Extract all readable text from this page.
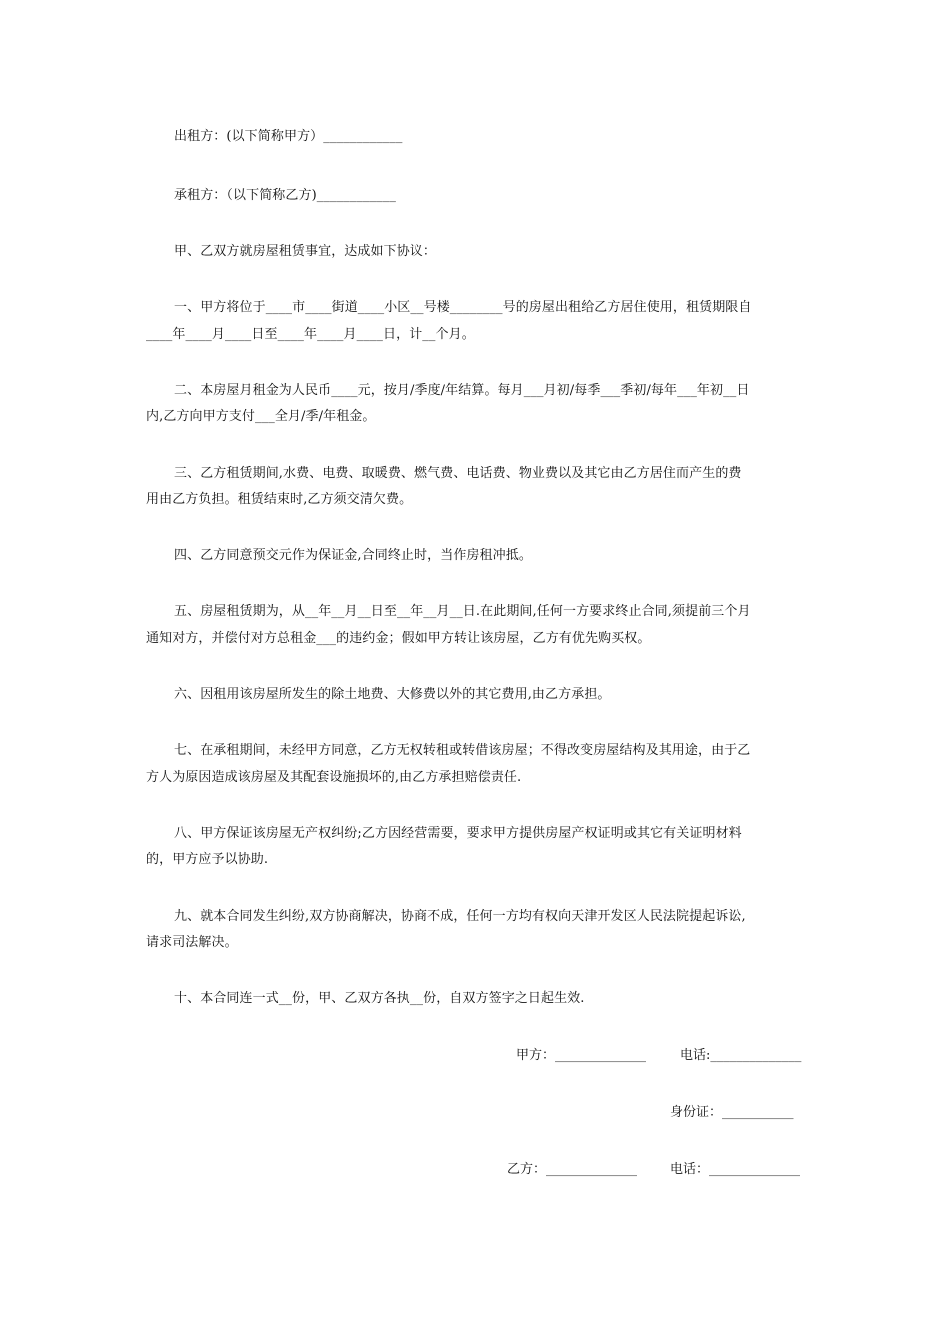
出租方：(以下简称甲方）____________
承租方：（以下简称乙方)____________
甲、乙双方就房屋租赁事宜，达成如下协议：
一、甲方将位于____市____街道____小区__号楼________号的房屋出租给乙方居住使用，租赁期限自
____年____月____日至____年____月____日，计__个月。
二、本房屋月租金为人民币____元，按月/季度/年结算。每月___月初/每季___季初/每年___年初__日
内,乙方向甲方支付___全月/季/年租金。
三、乙方租赁期间,水费、电费、取暖费、燃气费、电话费、物业费以及其它由乙方居住而产生的费
用由乙方负担。租赁结束时,乙方须交清欠费。
四、乙方同意预交元作为保证金,合同终止时，当作房租冲抵。
五、房屋租赁期为，从__年__月__日至__年__月__日.在此期间,任何一方要求终止合同,须提前三个月
通知对方，并偿付对方总租金___的违约金；假如甲方转让该房屋，乙方有优先购买权。
六、因租用该房屋所发生的除土地费、大修费以外的其它费用,由乙方承担。
七、在承租期间，未经甲方同意，乙方无权转租或转借该房屋；不得改变房屋结构及其用途，由于乙
方人为原因造成该房屋及其配套设施损坏的,由乙方承担赔偿责任.
八、甲方保证该房屋无产权纠纷;乙方因经营需要，要求甲方提供房屋产权证明或其它有关证明材料
的，甲方应予以协助.
九、就本合同发生纠纷,双方协商解决，协商不成，任何一方均有权向天津开发区人民法院提起诉讼,
请求司法解决。
十、本合同连一式__份，甲、乙双方各执__份，自双方签字之日起生效.
甲方：______________	电话:______________
身份证：___________
乙方：______________	电话：______________
